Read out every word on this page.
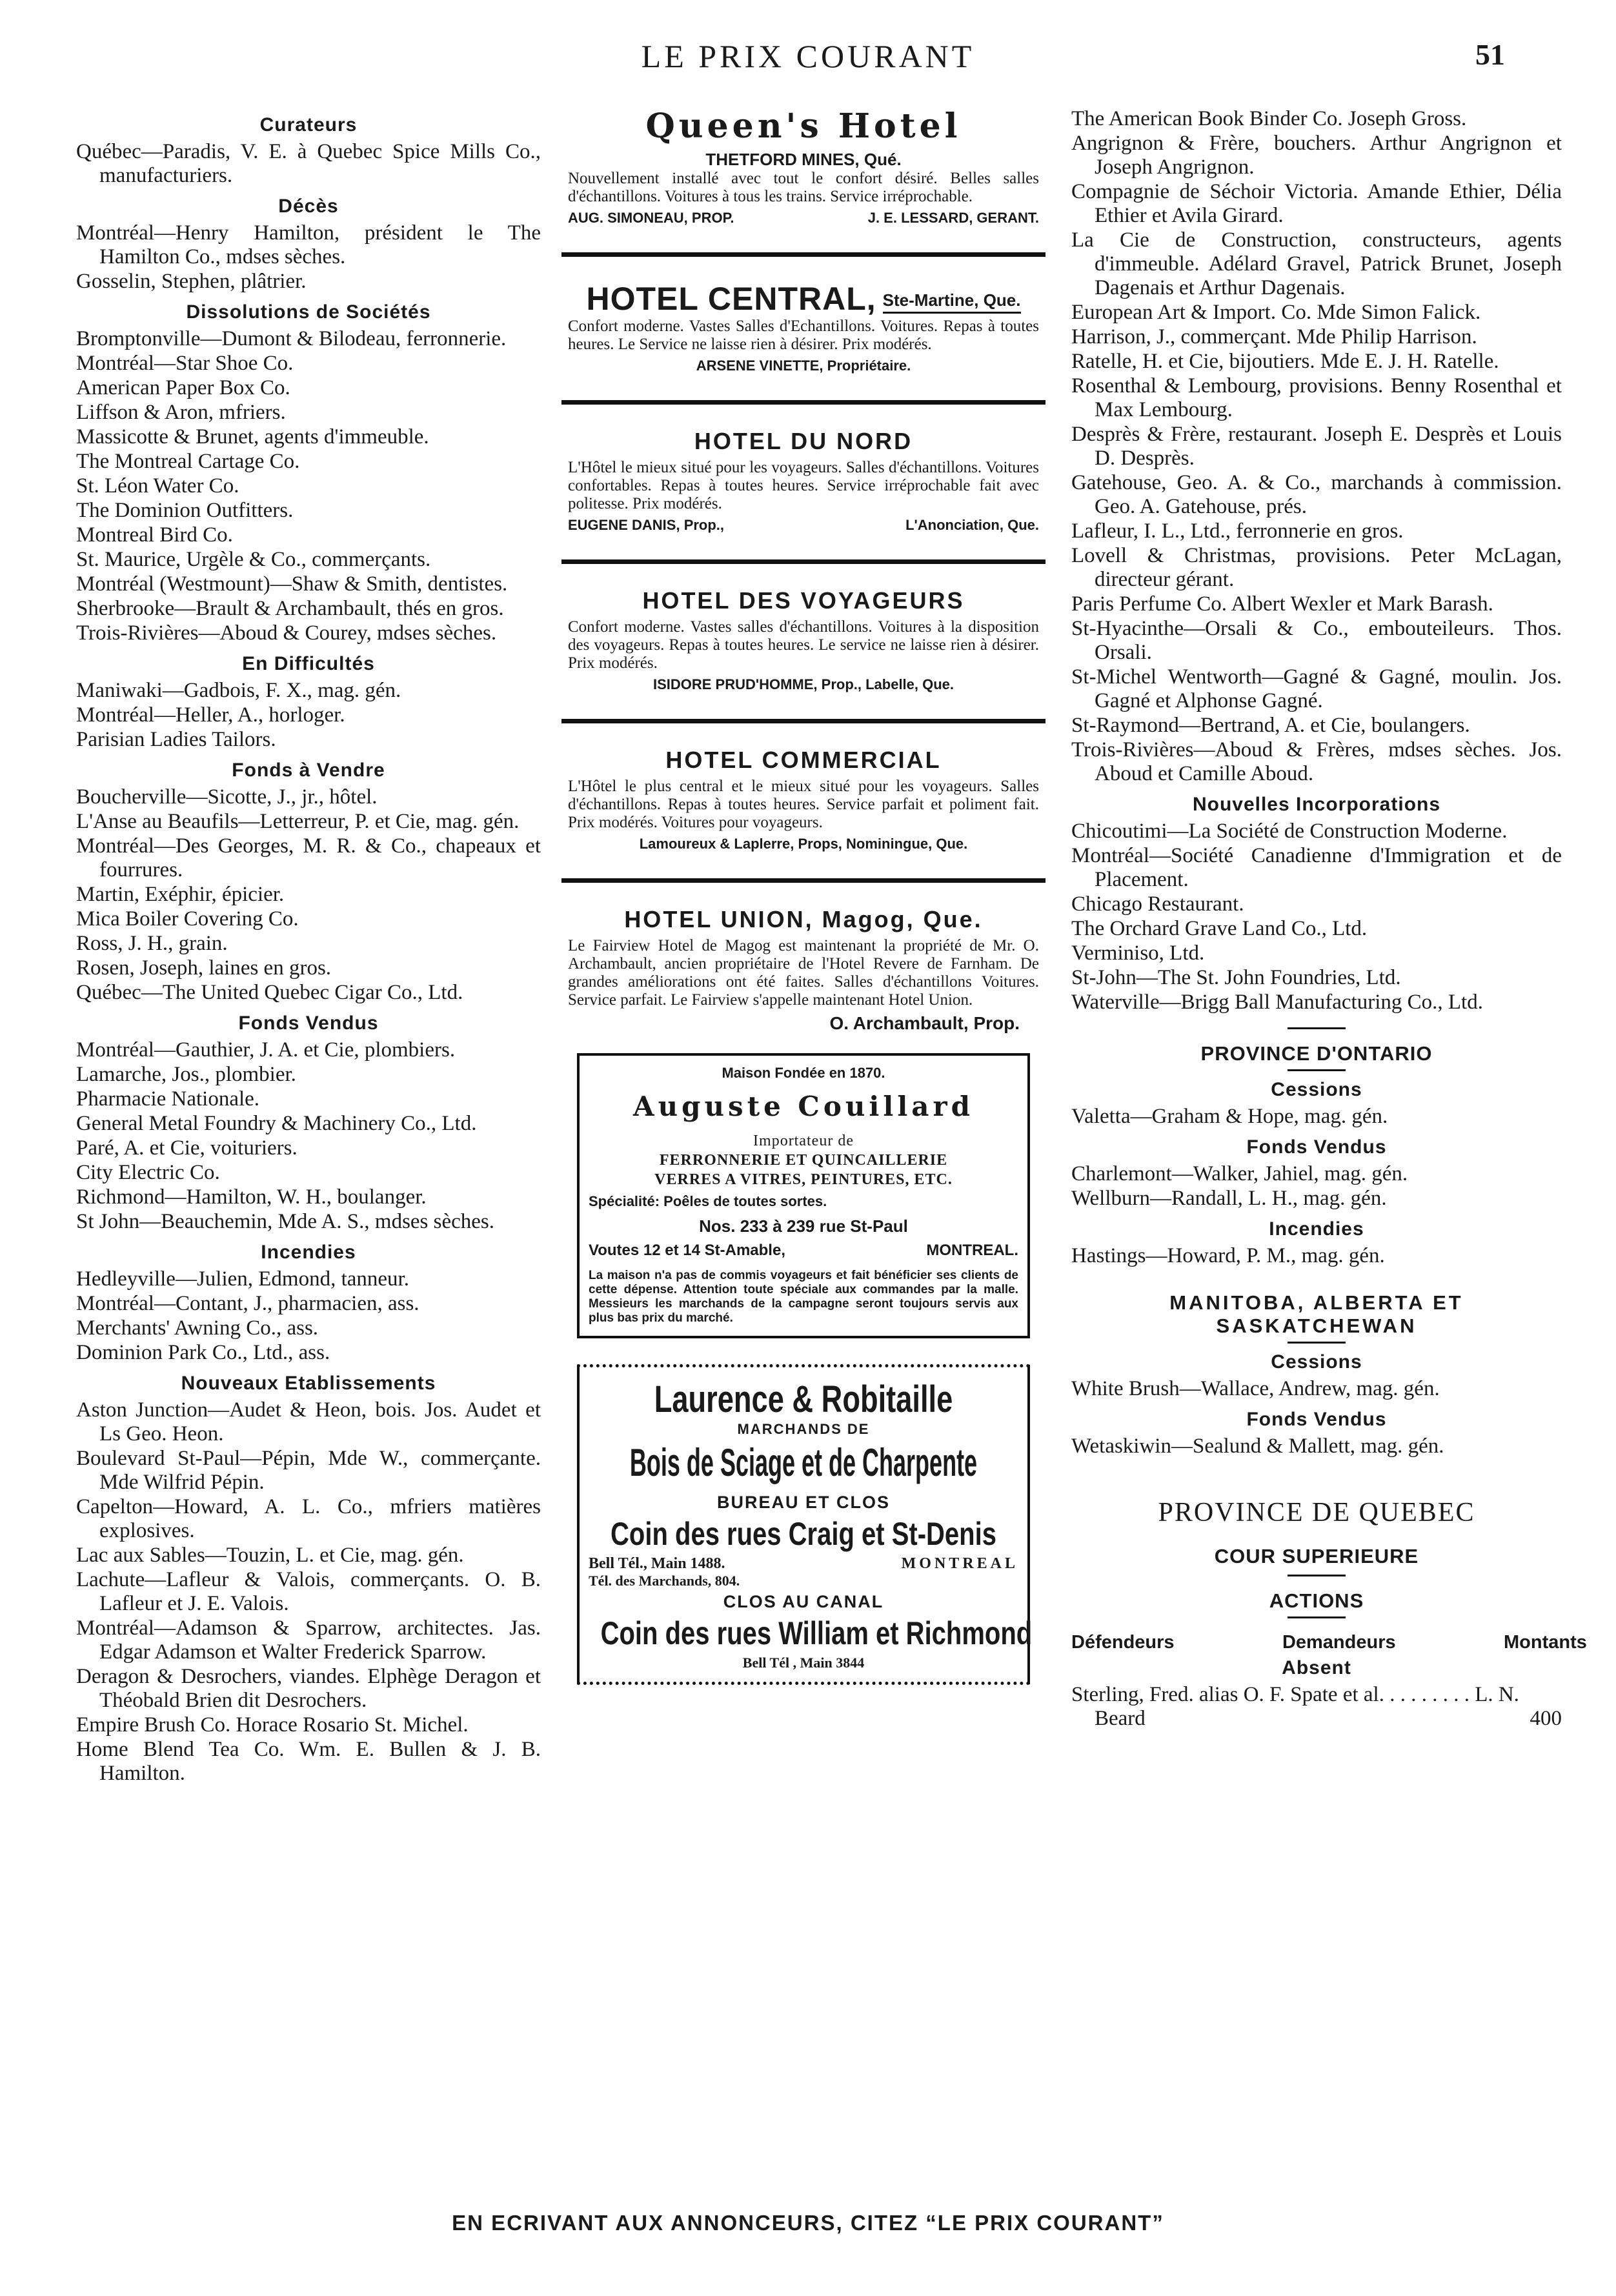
LE PRIX COURANT	51
Curateurs
Québec—Paradis, V. E. à Quebec Spice Mills Co., manufacturiers.
Décès
Montréal—Henry Hamilton, président le The Hamilton Co., mdses sèches.
Gosselin, Stephen, plâtrier.
Dissolutions de Sociétés
Bromptonville—Dumont & Bilodeau, ferronnerie.
Montréal—Star Shoe Co.
American Paper Box Co.
Liffson & Aron, mfriers.
Massicotte & Brunet, agents d'immeuble.
The Montreal Cartage Co.
St. Léon Water Co.
The Dominion Outfitters.
Montreal Bird Co.
St. Maurice, Urgèle & Co., commerçants.
Montréal (Westmount)—Shaw & Smith, dentistes.
Sherbrooke—Brault & Archambault, thés en gros.
Trois-Rivières—Aboud & Courey, mdses sèches.
En Difficultés
Maniwaki—Gadbois, F. X., mag. gén.
Montréal—Heller, A., horloger.
Parisian Ladies Tailors.
Fonds à Vendre
Boucherville—Sicotte, J., jr., hôtel.
L'Anse au Beaufils—Letterreur, P. et Cie, mag. gén.
Montréal—Des Georges, M. R. & Co., chapeaux et fourrures.
Martin, Exéphir, épicier.
Mica Boiler Covering Co.
Ross, J. H., grain.
Rosen, Joseph, laines en gros.
Québec—The United Quebec Cigar Co., Ltd.
Fonds Vendus
Montréal—Gauthier, J. A. et Cie, plombiers.
Lamarche, Jos., plombier.
Pharmacie Nationale.
General Metal Foundry & Machinery Co., Ltd.
Paré, A. et Cie, voituriers.
City Electric Co.
Richmond—Hamilton, W. H., boulanger.
St John—Beauchemin, Mde A. S., mdses sèches.
Incendies
Hedleyville—Julien, Edmond, tanneur.
Montréal—Contant, J., pharmacien, ass.
Merchants' Awning Co., ass.
Dominion Park Co., Ltd., ass.
Nouveaux Etablissements
Aston Junction—Audet & Heon, bois. Jos. Audet et Ls Geo. Heon.
Boulevard St-Paul—Pépin, Mde W., commerçante. Mde Wilfrid Pépin.
Capelton—Howard, A. L. Co., mfriers matières explosives.
Lac aux Sables—Touzin, L. et Cie, mag. gén.
Lachute—Lafleur & Valois, commerçants. O. B. Lafleur et J. E. Valois.
Montréal—Adamson & Sparrow, architectes. Jas. Edgar Adamson et Walter Frederick Sparrow.
Deragon & Desrochers, viandes. Elphège Deragon et Théobald Brien dit Desrochers.
Empire Brush Co. Horace Rosario St. Michel.
Home Blend Tea Co. Wm. E. Bullen & J. B. Hamilton.
Queen's Hotel
THETFORD MINES, Qué.
Nouvellement installé avec tout le confort désiré. Belles salles d'échantillons. Voitures à tous les trains. Service irréprochable.
AUG. SIMONEAU, PROP.	J. E. LESSARD, GERANT.
HOTEL CENTRAL, Ste-Martine, Que.
Confort moderne. Vastes Salles d'Echantillons. Voitures. Repas à toutes heures. Le Service ne laisse rien à désirer. Prix modérés.
ARSENE VINETTE, Propriétaire.
HOTEL DU NORD
L'Hôtel le mieux situé pour les voyageurs. Salles d'échantillons. Voitures confortables. Repas à toutes heures. Service irréprochable fait avec politesse. Prix modérés.
EUGENE DANIS, Prop.,	L'Anonciation, Que.
HOTEL DES VOYAGEURS
Confort moderne. Vastes salles d'échantillons. Voitures à la disposition des voyageurs. Repas à toutes heures. Le service ne laisse rien à désirer. Prix modérés.
ISIDORE PRUD'HOMME, Prop., Labelle, Que.
HOTEL COMMERCIAL
L'Hôtel le plus central et le mieux situé pour les voyageurs. Salles d'échantillons. Repas à toutes heures. Service parfait et poliment fait. Prix modérés. Voitures pour voyageurs.
Lamoureux & Laplerre, Props, Nominingue, Que.
HOTEL UNION, Magog, Que.
Le Fairview Hotel de Magog est maintenant la propriété de Mr. O. Archambault, ancien propriétaire de l'Hotel Revere de Farnham. De grandes améliorations ont été faites. Salles d'échantillons Voitures. Service parfait. Le Fairview s'appelle maintenant Hotel Union.
O. Archambault, Prop.
Maison Fondée en 1870.
Auguste Couillard
Importateur de
FERRONNERIE ET QUINCAILLERIE
VERRES A VITRES, PEINTURES, ETC.
Spécialité: Poêles de toutes sortes.
Nos. 233 à 239 rue St-Paul
Voutes 12 et 14 St-Amable,	MONTREAL.
La maison n'a pas de commis voyageurs et fait bénéficier ses clients de cette dépense. Attention toute spéciale aux commandes par la malle. Messieurs les marchands de la campagne seront toujours servis aux plus bas prix du marché.
Laurence & Robitaille
MARCHANDS DE
Bois de Sciage et de Charpente
BUREAU ET CLOS
Coin des rues Craig et St-Denis
Bell Tél., Main 1488.	MONTREAL
Tél. des Marchands, 804.
CLOS AU CANAL
Coin des rues William et Richmond
Bell Tél , Main 3844
The American Book Binder Co. Joseph Gross.
Angrignon & Frère, bouchers. Arthur Angrignon et Joseph Angrignon.
Compagnie de Séchoir Victoria. Amande Ethier, Délia Ethier et Avila Girard.
La Cie de Construction, constructeurs, agents d'immeuble. Adélard Gravel, Patrick Brunet, Joseph Dagenais et Arthur Dagenais.
European Art & Import. Co. Mde Simon Falick.
Harrison, J., commerçant. Mde Philip Harrison.
Ratelle, H. et Cie, bijoutiers. Mde E. J. H. Ratelle.
Rosenthal & Lembourg, provisions. Benny Rosenthal et Max Lembourg.
Desprès & Frère, restaurant. Joseph E. Desprès et Louis D. Desprès.
Gatehouse, Geo. A. & Co., marchands à commission. Geo. A. Gatehouse, prés.
Lafleur, I. L., Ltd., ferronnerie en gros.
Lovell & Christmas, provisions. Peter McLagan, directeur gérant.
Paris Perfume Co. Albert Wexler et Mark Barash.
St-Hyacinthe—Orsali & Co., embouteileurs. Thos. Orsali.
St-Michel Wentworth—Gagné & Gagné, moulin. Jos. Gagné et Alphonse Gagné.
St-Raymond—Bertrand, A. et Cie, boulangers.
Trois-Rivières—Aboud & Frères, mdses sèches. Jos. Aboud et Camille Aboud.
Nouvelles Incorporations
Chicoutimi—La Société de Construction Moderne.
Montréal—Société Canadienne d'Immigration et de Placement.
Chicago Restaurant.
The Orchard Grave Land Co., Ltd.
Verminiso, Ltd.
St-John—The St. John Foundries, Ltd.
Waterville—Brigg Ball Manufacturing Co., Ltd.
PROVINCE D'ONTARIO
Cessions
Valetta—Graham & Hope, mag. gén.
Fonds Vendus
Charlemont—Walker, Jahiel, mag. gén.
Wellburn—Randall, L. H., mag. gén.
Incendies
Hastings—Howard, P. M., mag. gén.
MANITOBA, ALBERTA ET SASKATCHEWAN
Cessions
White Brush—Wallace, Andrew, mag. gén.
Fonds Vendus
Wetaskiwin—Sealund & Mallett, mag. gén.
PROVINCE DE QUEBEC
COUR SUPERIEURE
ACTIONS
Défendeurs	Demandeurs	Montants
Absent
Sterling, Fred. alias O. F. Spate et al. . . . . . . . . L. N. Beard	400
EN ECRIVANT AUX ANNONCEURS, CITEZ “LE PRIX COURANT”
